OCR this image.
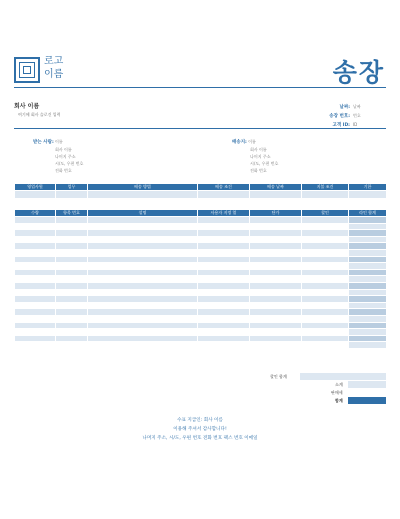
로고
이름	송장
회사 이름
여기에 회사 슬로건 입력
날짜: 날짜
송장 번호: 번호
고객 ID: ID
받는 사람: 이름
회사 이름
나머지 주소
시/도, 우편 번호
전화 번호
배송지: 이름
회사 이름
나머지 주소
시/도, 우편 번호
전화 번호
영업사원	업무	배송 방법	배송 조건	배송 날짜	지불 조건	기한

수량	항목 번호	설명	사용자 지정 열	단가	할인	라인 합계

할인 합계
소계
판매세
합계
수표 지급인: 회사 이름
이용해 주셔서 감사합니다!
나머지 주소, 시/도, 우편 번호 전화 번호 팩스 번호 이메일
